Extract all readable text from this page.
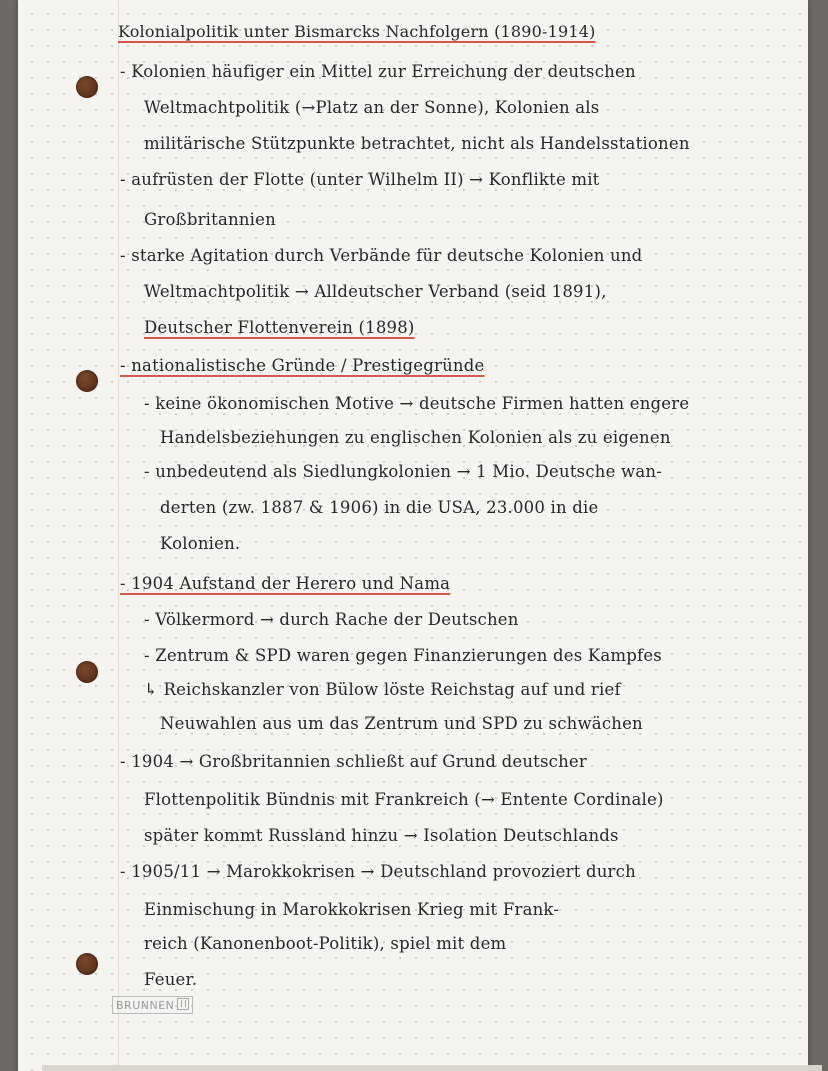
Kolonialpolitik unter Bismarcks Nachfolgern (1890-1914)
- Kolonien häufiger ein Mittel zur Erreichung der deutschen
Weltmachtpolitik (→Platz an der Sonne), Kolonien als
militärische Stützpunkte betrachtet, nicht als Handelsstationen
- aufrüsten der Flotte (unter Wilhelm II) → Konflikte mit
Großbritannien
- starke Agitation durch Verbände für deutsche Kolonien und
Weltmachtpolitik → Alldeutscher Verband (seid 1891),
Deutscher Flottenverein (1898)
- nationalistische Gründe / Prestigegründe
- keine ökonomischen Motive → deutsche Firmen hatten engere
Handelsbeziehungen zu englischen Kolonien als zu eigenen
- unbedeutend als Siedlungkolonien → 1 Mio. Deutsche wan-
derten (zw. 1887 & 1906) in die USA, 23.000 in die
Kolonien.
- 1904 Aufstand der Herero und Nama
- Völkermord → durch Rache der Deutschen
- Zentrum & SPD waren gegen Finanzierungen des Kampfes
↳ Reichskanzler von Bülow löste Reichstag auf und rief
Neuwahlen aus um das Zentrum und SPD zu schwächen
- 1904 → Großbritannien schließt auf Grund deutscher
Flottenpolitik Bündnis mit Frankreich (→ Entente Cordinale)
später kommt Russland hinzu → Isolation Deutschlands
- 1905/11 → Marokkokrisen → Deutschland provoziert durch
Einmischung in Marokkokrisen Krieg mit Frank-
reich (Kanonenboot-Politik), spiel mit dem
Feuer.
BRUNNEN
